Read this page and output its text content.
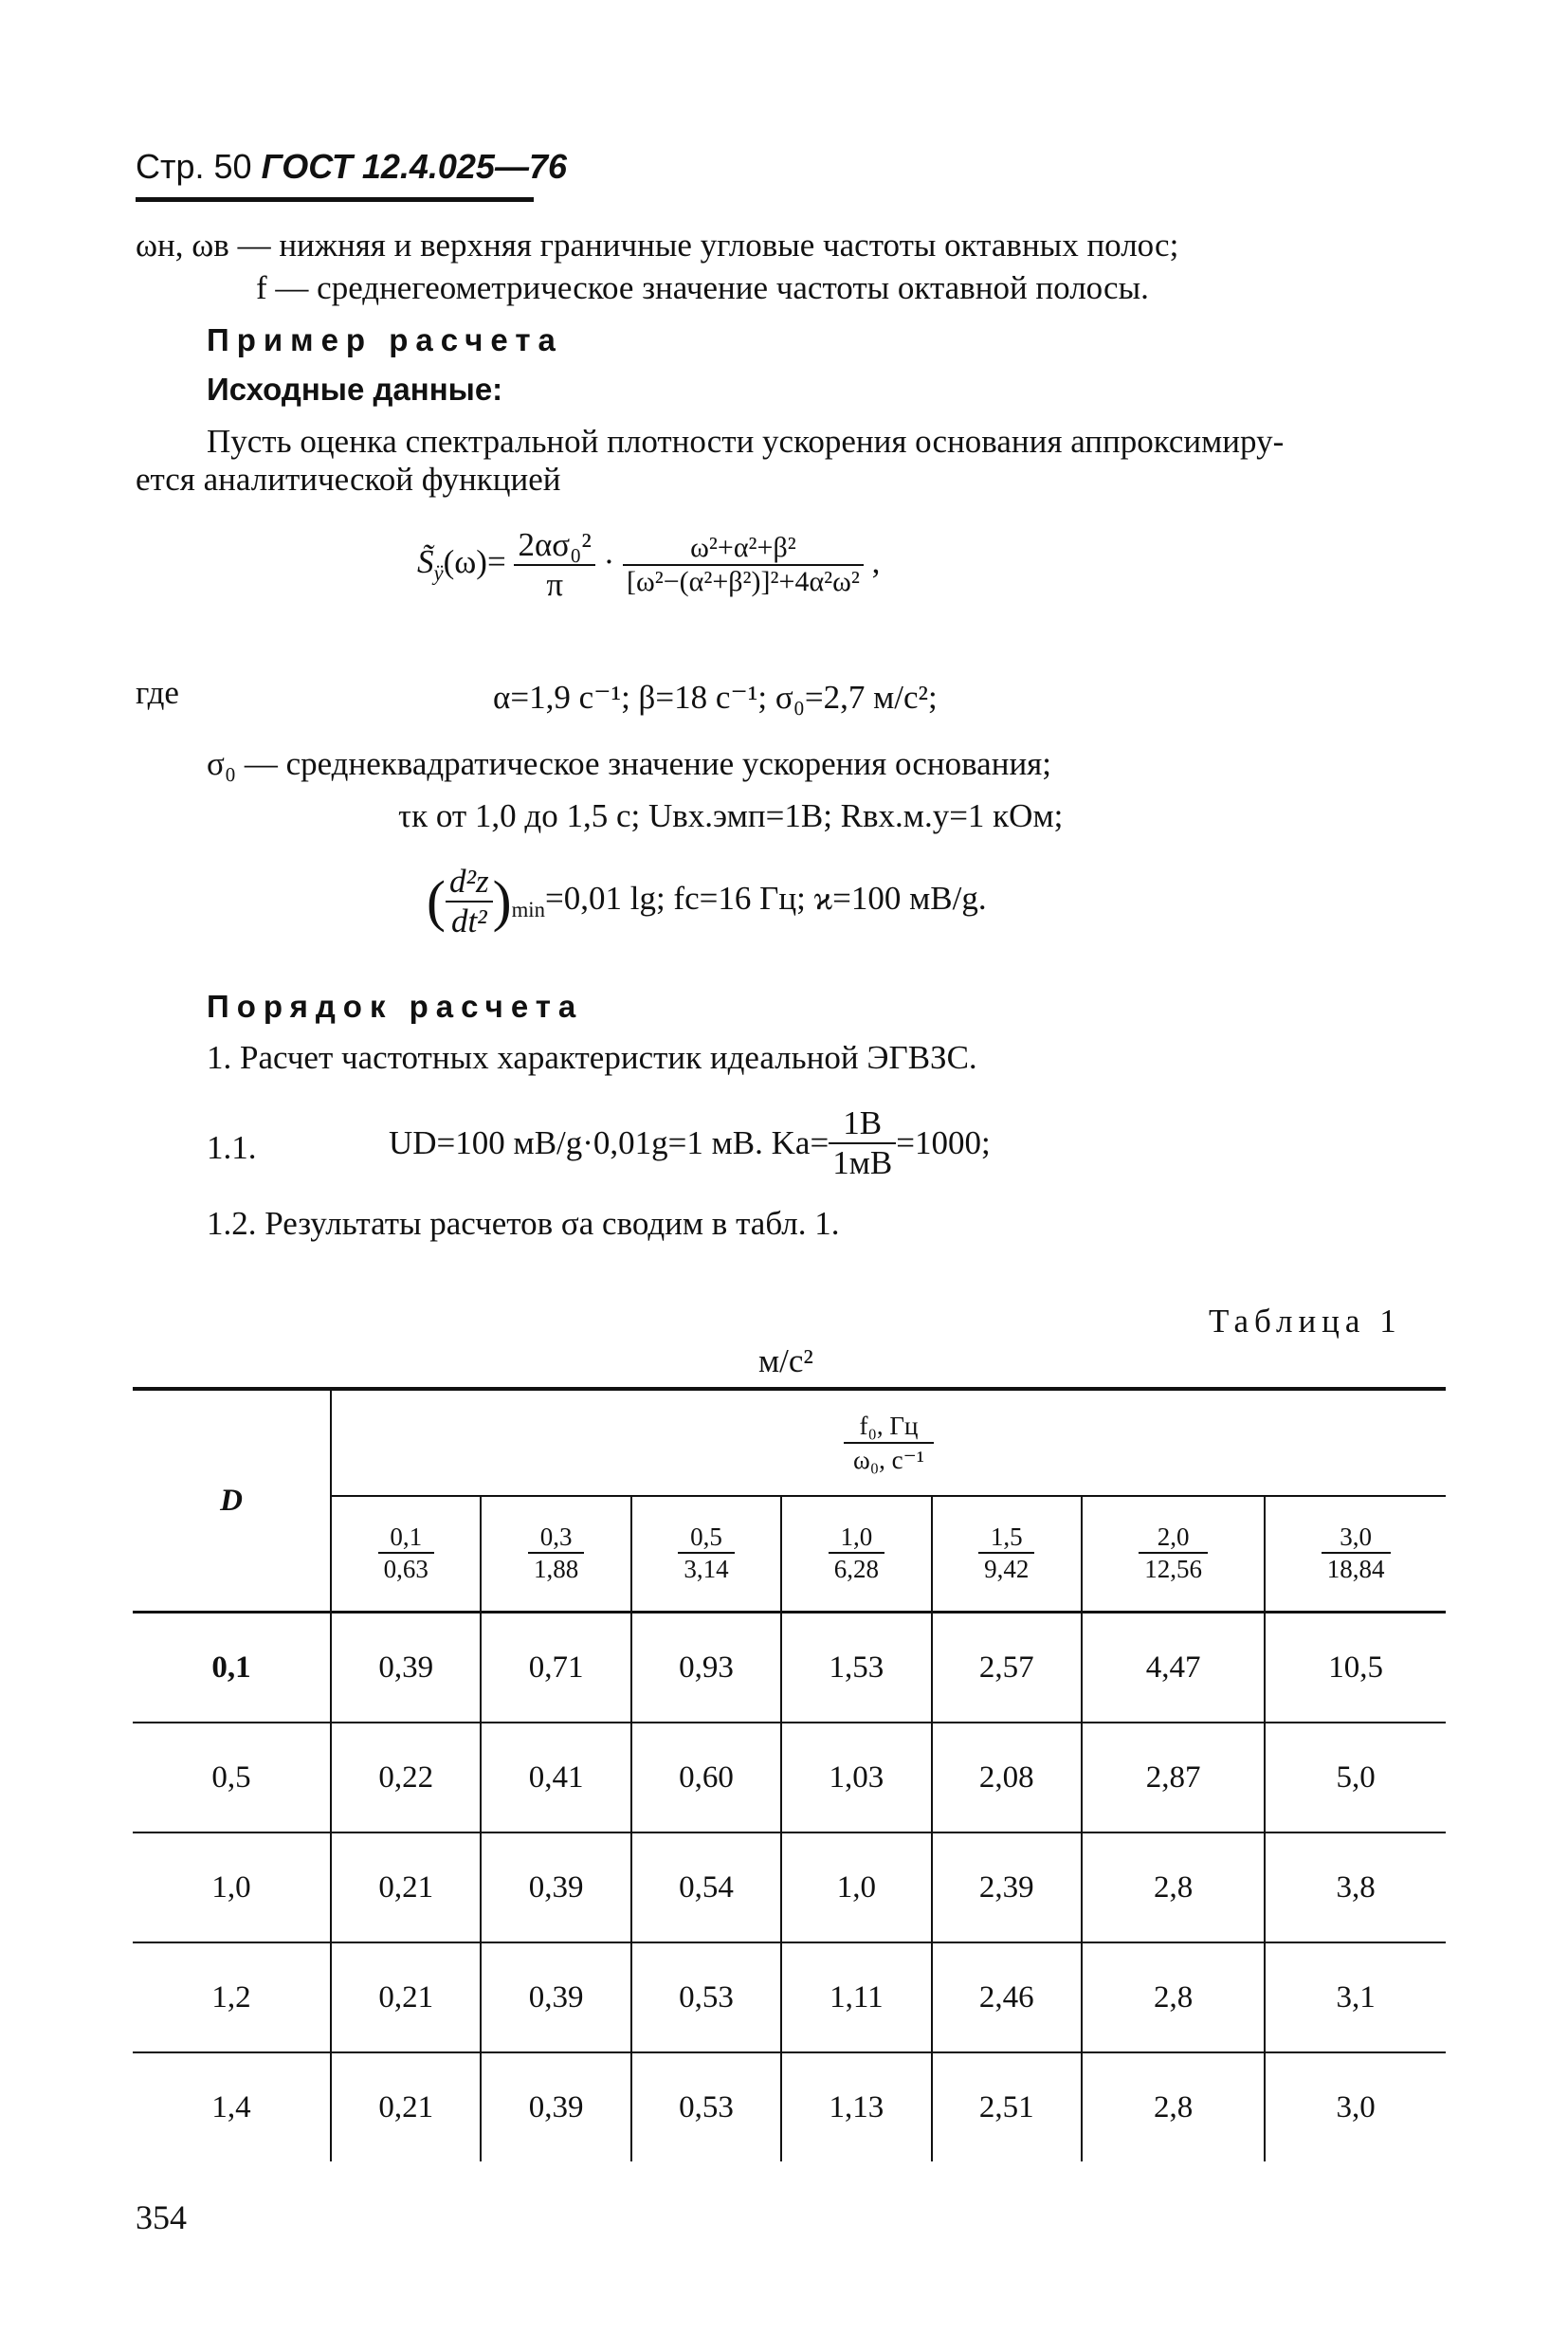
Стр. 50 ГОСТ 12.4.025—76
ωн, ωв — нижняя и верхняя граничные угловые частоты октавных полос;
f — среднегеометрическое значение частоты октавной полосы.
Пример расчета
Исходные данные:
Пусть оценка спектральной плотности ускорения основания аппроксимиру-
ется аналитической функцией
$S̃_ÿ(\omega)= \frac{\text{2ασ₀²}}{\pi} \cdot \frac{\text{ω²+α²+β²}}{\text{[ω²−(α²+β²)]²+4α²ω²}}$ ,
где	α=1,9 с⁻¹; β=18 с⁻¹; σ₀=2,7 м/с²;
σ₀ — среднеквадратическое значение ускорения основания;
τк от 1,0 до 1,5 с; Uвх.эмп=1В; Rвх.м.у=1 кОм;
( $\frac{\text{d²z}}{\text{dt²}} )_{min}=0,01$ lg; fc=16 Гц; ϰ=100 мВ/g.
Порядок расчета
1. Расчет частотных характеристик идеальной ЭГВЗС.
1.1.	UD=100 мВ/g·0,01g=1 мВ. $Ka= \frac{1В}{1мВ} =1000$;
1.2. Результаты расчетов σa сводим в табл. 1.
Таблица 1
м/с²
D	$\frac{\text{f₀, Гц}}{\text{ω₀, с⁻¹}}$

	$\frac{0,1}{0,63}$	$\frac{0,3}{1,88}$	$\frac{0,5}{3,14}$	$\frac{1,0}{6,28}$	$\frac{1,5}{9,42}$	$\frac{2,0}{12,56}$	$\frac{3,0}{18,84}$

0,1	0,39	0,71	0,93	1,53	2,57	4,47	10,5
0,5	0,22	0,41	0,60	1,03	2,08	2,87	5,0
1,0	0,21	0,39	0,54	1,0	2,39	2,8	3,8
1,2	0,21	0,39	0,53	1,11	2,46	2,8	3,1
1,4	0,21	0,39	0,53	1,13	2,51	2,8	3,0
354
